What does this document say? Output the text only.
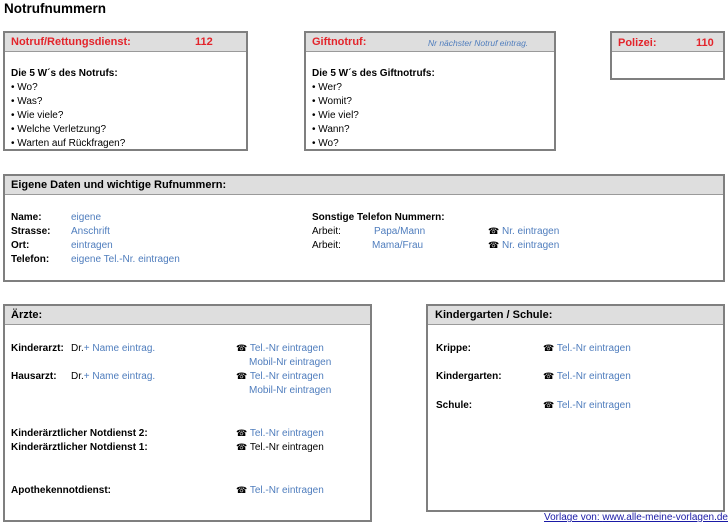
Notrufnummern
Notruf/Rettungsdienst:	112
Die 5 W´s des Notrufs:
• Wo?
• Was?
• Wie viele?
• Welche Verletzung?
• Warten auf Rückfragen?
Giftnotruf:	Nr nächster Notruf eintrag.
Die 5 W´s des Giftnotrufs:
• Wer?
• Womit?
• Wie viel?
• Wann?
• Wo?
Polizei:	110
Eigene Daten und wichtige Rufnummern:
Name:	eigene
Strasse: Anschrift
Ort:	eintragen
Telefon: eigene Tel.-Nr. eintragen
Sonstige Telefon Nummern:
Arbeit:	Papa/Mann	☎ Nr. eintragen
Arbeit:	Mama/Frau	☎ Nr. eintragen
Ärzte:
Kinderarzt: Dr.+ Name eintrag.	☎ Tel.-Nr eintragen
Mobil-Nr eintragen
Hausarzt: Dr.+ Name eintrag.	☎ Tel.-Nr eintragen
Mobil-Nr eintragen
Kinderärztlicher Notdienst 2:	☎ Tel.-Nr eintragen
Kinderärztlicher Notdienst 1:	☎ Tel.-Nr eintragen
Apothekennotdienst:	☎ Tel.-Nr eintragen
Kindergarten / Schule:
Krippe:	☎ Tel.-Nr eintragen
Kindergarten:	☎ Tel.-Nr eintragen
Schule:	☎ Tel.-Nr eintragen
Vorlage von: www.alle-meine-vorlagen.de
